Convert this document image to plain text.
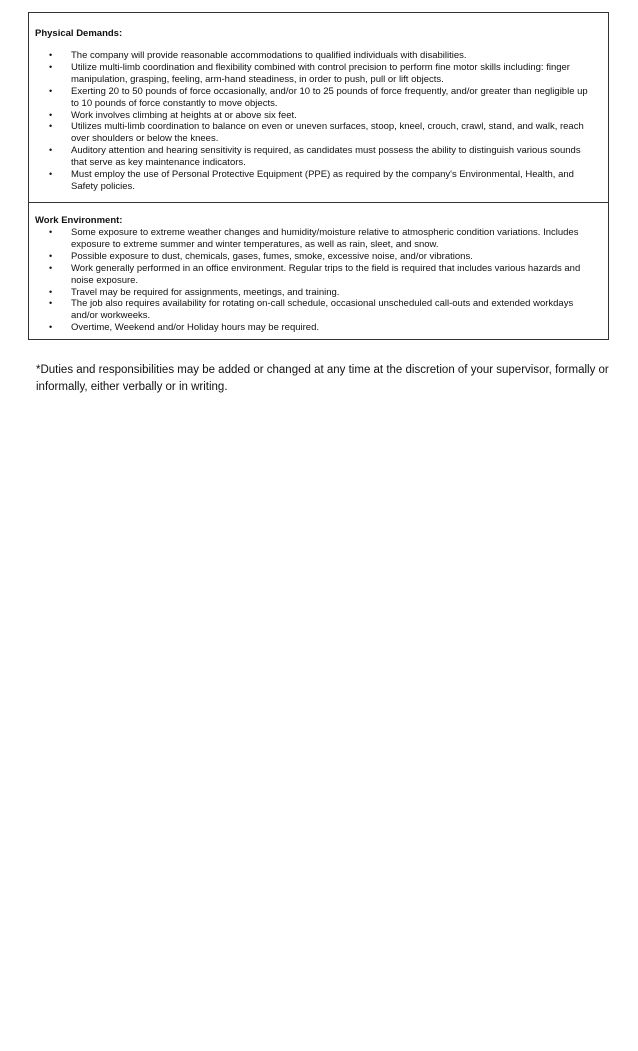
Physical Demands:

• The company will provide reasonable accommodations to qualified individuals with disabilities.
• Utilize multi-limb coordination and flexibility combined with control precision to perform fine motor skills including: finger manipulation, grasping, feeling, arm-hand steadiness, in order to push, pull or lift objects.
• Exerting 20 to 50 pounds of force occasionally, and/or 10 to 25 pounds of force frequently, and/or greater than negligible up to 10 pounds of force constantly to move objects.
• Work involves climbing at heights at or above six feet.
• Utilizes multi-limb coordination to balance on even or uneven surfaces, stoop, kneel, crouch, crawl, stand, and walk, reach over shoulders or below the knees.
• Auditory attention and hearing sensitivity is required, as candidates must possess the ability to distinguish various sounds that serve as key maintenance indicators.
• Must employ the use of Personal Protective Equipment (PPE) as required by the company's Environmental, Health, and Safety policies.

Work Environment:

• Some exposure to extreme weather changes and humidity/moisture relative to atmospheric condition variations. Includes exposure to extreme summer and winter temperatures, as well as rain, sleet, and snow.
• Possible exposure to dust, chemicals, gases, fumes, smoke, excessive noise, and/or vibrations.
• Work generally performed in an office environment. Regular trips to the field is required that includes various hazards and noise exposure.
• Travel may be required for assignments, meetings, and training.
• The job also requires availability for rotating on-call schedule, occasional unscheduled call-outs and extended workdays and/or workweeks.
• Overtime, Weekend and/or Holiday hours may be required.

*Duties and responsibilities may be added or changed at any time at the discretion of your supervisor, formally or informally, either verbally or in writing.
